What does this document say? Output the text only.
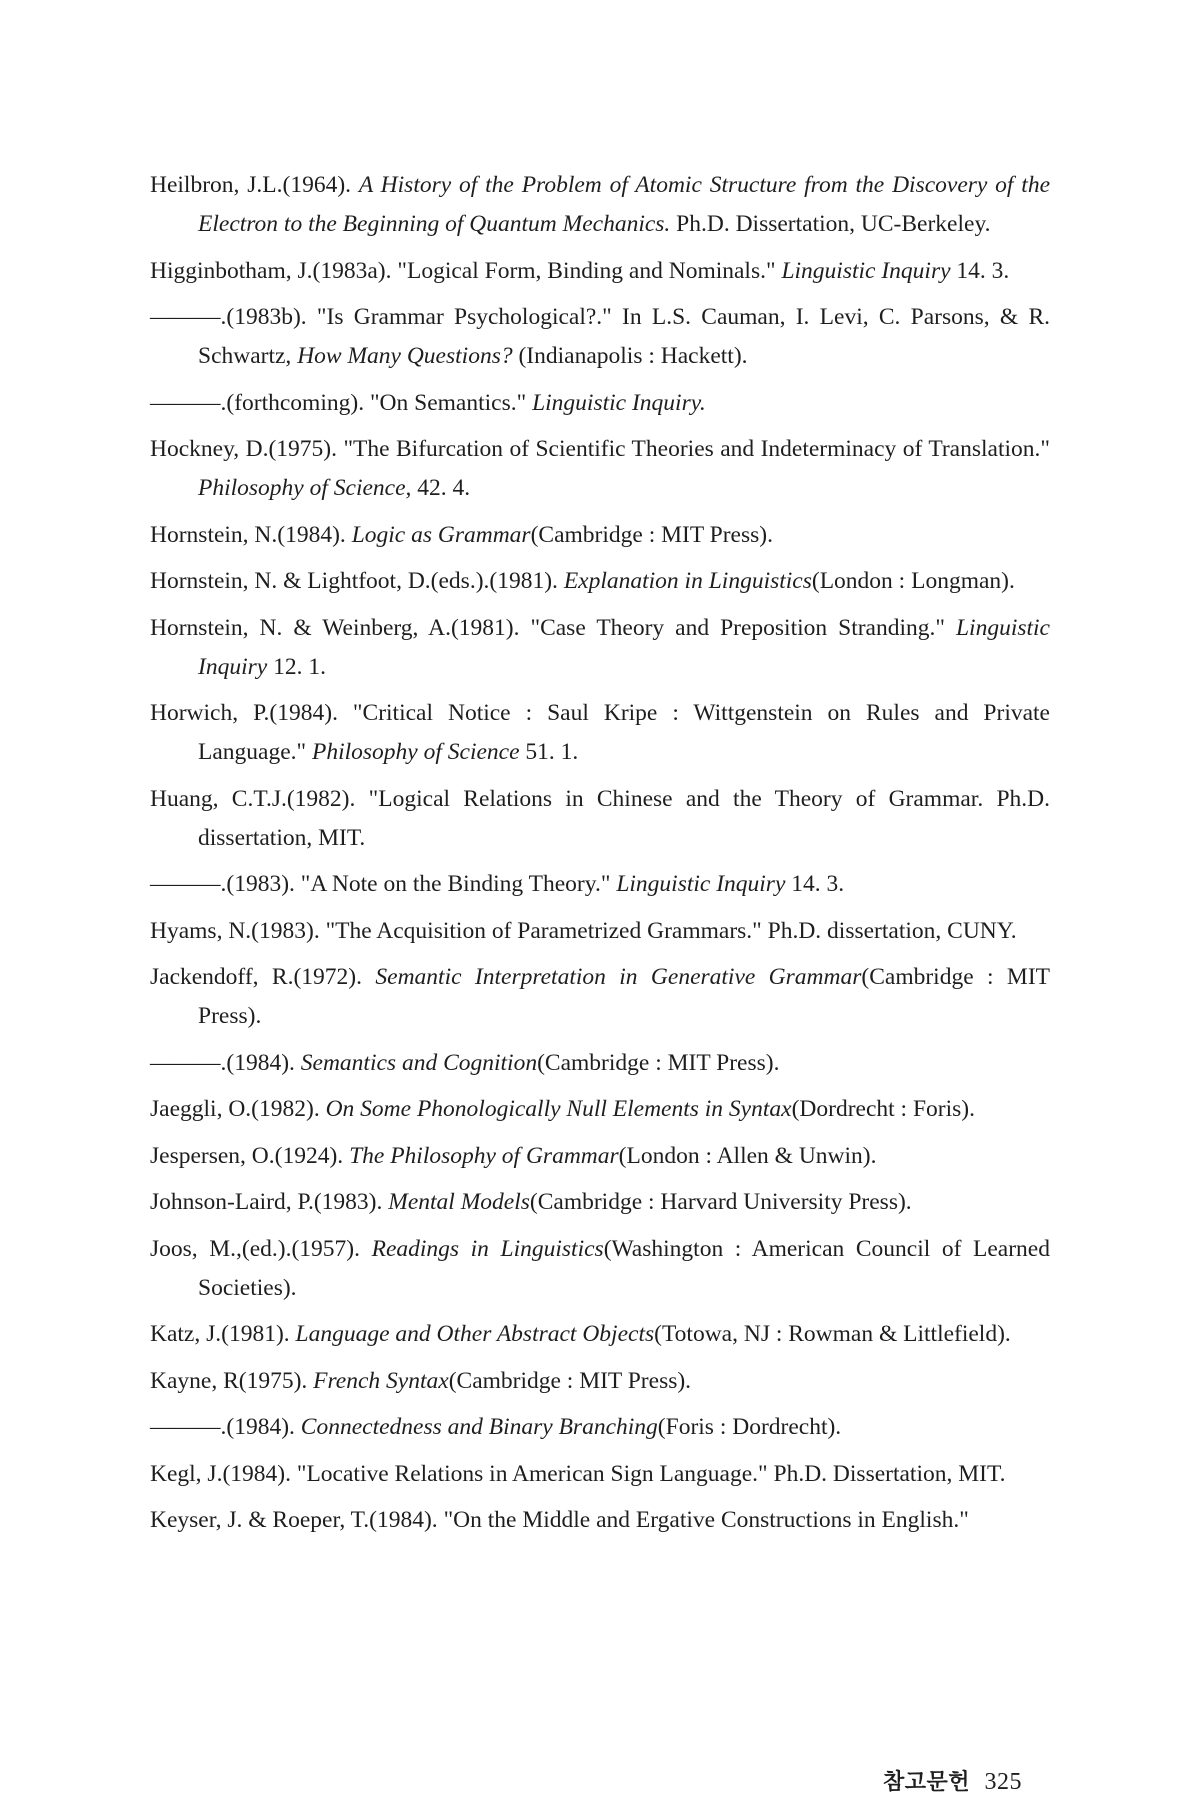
Heilbron, J.L.(1964). A History of the Problem of Atomic Structure from the Discovery of the Electron to the Beginning of Quantum Mechanics. Ph.D. Dissertation, UC-Berkeley.

Higginbotham, J.(1983a). "Logical Form, Binding and Nominals." Linguistic Inquiry 14. 3.

———.(1983b). "Is Grammar Psychological?." In L.S. Cauman, I. Levi, C. Parsons, & R. Schwartz, How Many Questions? (Indianapolis : Hackett).

———.(forthcoming). "On Semantics." Linguistic Inquiry.

Hockney, D.(1975). "The Bifurcation of Scientific Theories and Indeterminacy of Translation." Philosophy of Science, 42. 4.

Hornstein, N.(1984). Logic as Grammar(Cambridge : MIT Press).

Hornstein, N. & Lightfoot, D.(eds.).(1981). Explanation in Linguistics(London : Longman).

Hornstein, N. & Weinberg, A.(1981). "Case Theory and Preposition Stranding." Linguistic Inquiry 12. 1.

Horwich, P.(1984). "Critical Notice : Saul Kripe : Wittgenstein on Rules and Private Language." Philosophy of Science 51. 1.

Huang, C.T.J.(1982). "Logical Relations in Chinese and the Theory of Grammar. Ph.D. dissertation, MIT.

———.(1983). "A Note on the Binding Theory." Linguistic Inquiry 14. 3.

Hyams, N.(1983). "The Acquisition of Parametrized Grammars." Ph.D. dissertation, CUNY.

Jackendoff, R.(1972). Semantic Interpretation in Generative Grammar(Cambridge : MIT Press).

———.(1984). Semantics and Cognition(Cambridge : MIT Press).

Jaeggli, O.(1982). On Some Phonologically Null Elements in Syntax(Dordrecht : Foris).

Jespersen, O.(1924). The Philosophy of Grammar(London : Allen & Unwin).

Johnson-Laird, P.(1983). Mental Models(Cambridge : Harvard University Press).

Joos, M.,(ed.).(1957). Readings in Linguistics(Washington : American Council of Learned Societies).

Katz, J.(1981). Language and Other Abstract Objects(Totowa, NJ : Rowman & Littlefield).

Kayne, R(1975). French Syntax(Cambridge : MIT Press).

———.(1984). Connectedness and Binary Branching(Foris : Dordrecht).

Kegl, J.(1984). "Locative Relations in American Sign Language." Ph.D. Dissertation, MIT.

Keyser, J. & Roeper, T.(1984). "On the Middle and Ergative Constructions in English."

참고문헌 325
